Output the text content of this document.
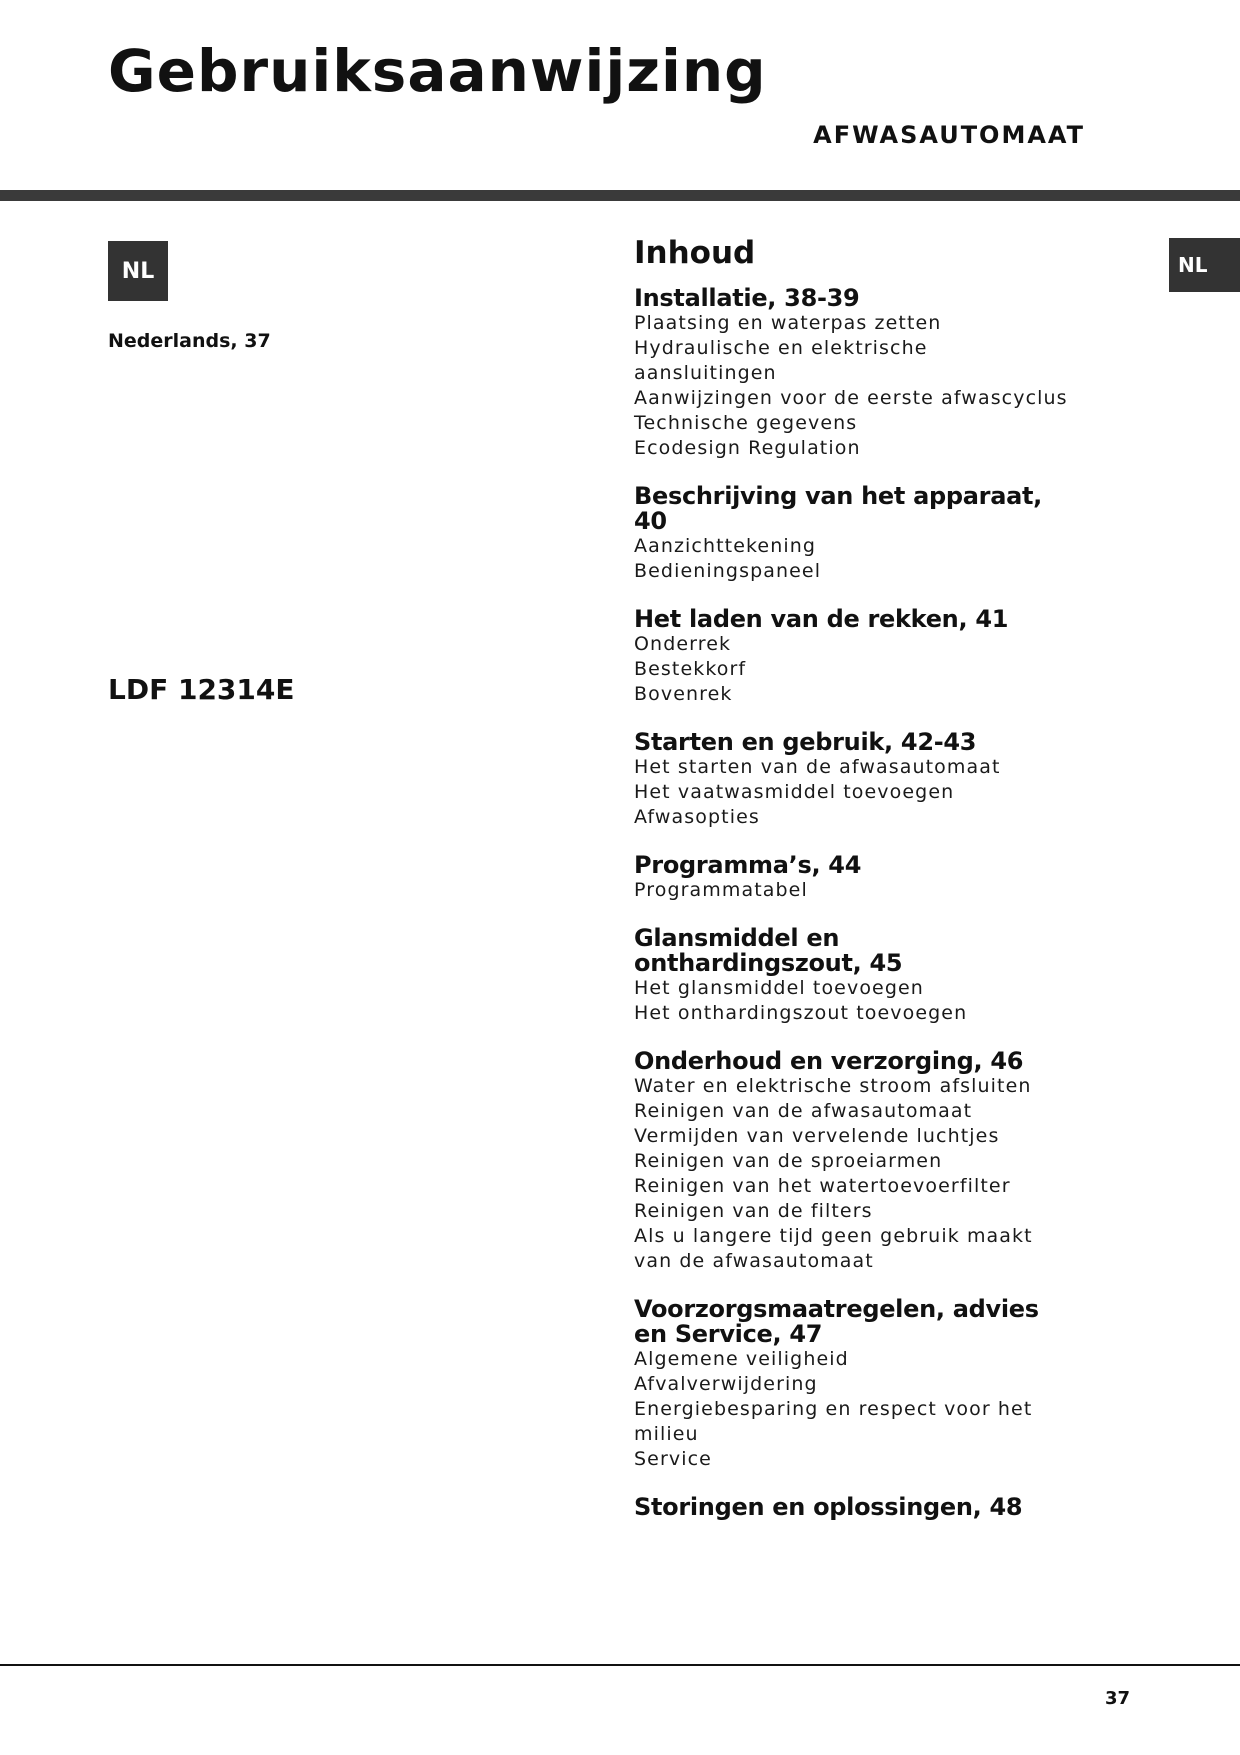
Gebruiksaanwijzing
AFWASAUTOMAAT
NL
Nederlands, 37
LDF 12314E
NL
Inhoud
Installatie, 38-39
Plaatsing en waterpas zetten
Hydraulische en elektrische aansluitingen
Aanwijzingen voor de eerste afwascyclus
Technische gegevens
Ecodesign Regulation
Beschrijving van het apparaat, 40
Aanzichttekening
Bedieningspaneel
Het laden van de rekken, 41
Onderrek
Bestekkorf
Bovenrek
Starten en gebruik, 42-43
Het starten van de afwasautomaat
Het vaatwasmiddel toevoegen
Afwasopties
Programma’s, 44
Programmatabel
Glansmiddel en onthardingszout, 45
Het glansmiddel toevoegen
Het onthardingszout toevoegen
Onderhoud en verzorging, 46
Water en elektrische stroom afsluiten
Reinigen van de afwasautomaat
Vermijden van vervelende luchtjes
Reinigen van de sproeiarmen
Reinigen van het watertoevoerfilter
Reinigen van de filters
Als u langere tijd geen gebruik maakt van de afwasautomaat
Voorzorgsmaatregelen, advies en Service, 47
Algemene veiligheid
Afvalverwijdering
Energiebesparing en respect voor het milieu
Service
Storingen en oplossingen, 48
37
